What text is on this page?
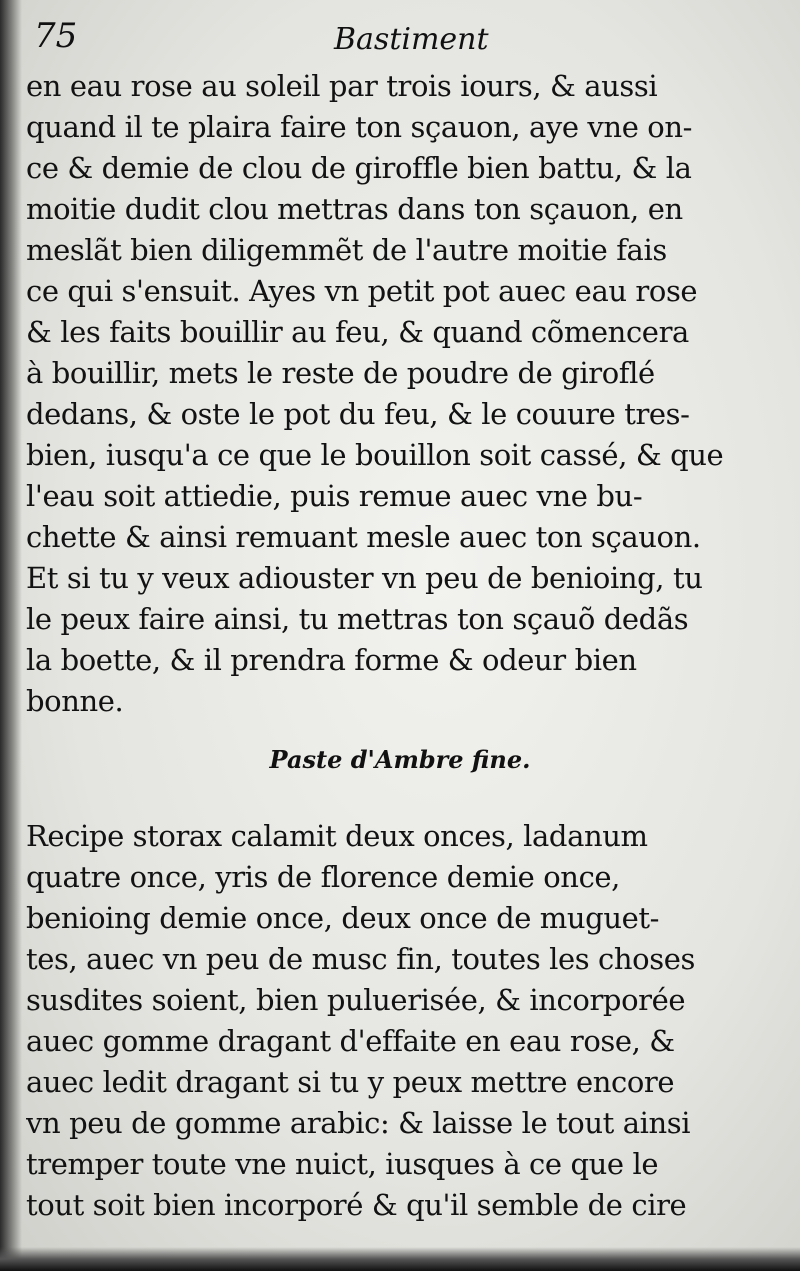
75	Bastiment
en eau rose au soleil par trois iours, & aussi
quand il te plaira faire ton sçauon, aye vne on-
ce & demie de clou de giroffle bien battu, & la
moitie dudit clou mettras dans ton sçauon, en
meslãt bien diligemmẽt de l'autre moitie fais
ce qui s'ensuit. Ayes vn petit pot auec eau rose
& les faits bouillir au feu, & quand cõmencera
à bouillir, mets le reste de poudre de giroflé
dedans, & oste le pot du feu, & le couure tres-
bien, iusqu'a ce que le bouillon soit cassé, & que
l'eau soit attiedie, puis remue auec vne bu-
chette & ainsi remuant mesle auec ton sçauon.
Et si tu y veux adiouster vn peu de benioing, tu
le peux faire ainsi, tu mettras ton sçauõ dedãs
la boette, & il prendra forme & odeur bien
bonne.
Paste d'Ambre fine.
Recipe storax calamit deux onces, ladanum
quatre once, yris de florence demie once,
benioing demie once, deux once de muguet-
tes, auec vn peu de musc fin, toutes les choses
susdites soient, bien puluerisée, & incorporée
auec gomme dragant d'effaite en eau rose, &
auec ledit dragant si tu y peux mettre encore
vn peu de gomme arabic: & laisse le tout ainsi
tremper toute vne nuict, iusques à ce que le
tout soit bien incorporé & qu'il semble de cire
